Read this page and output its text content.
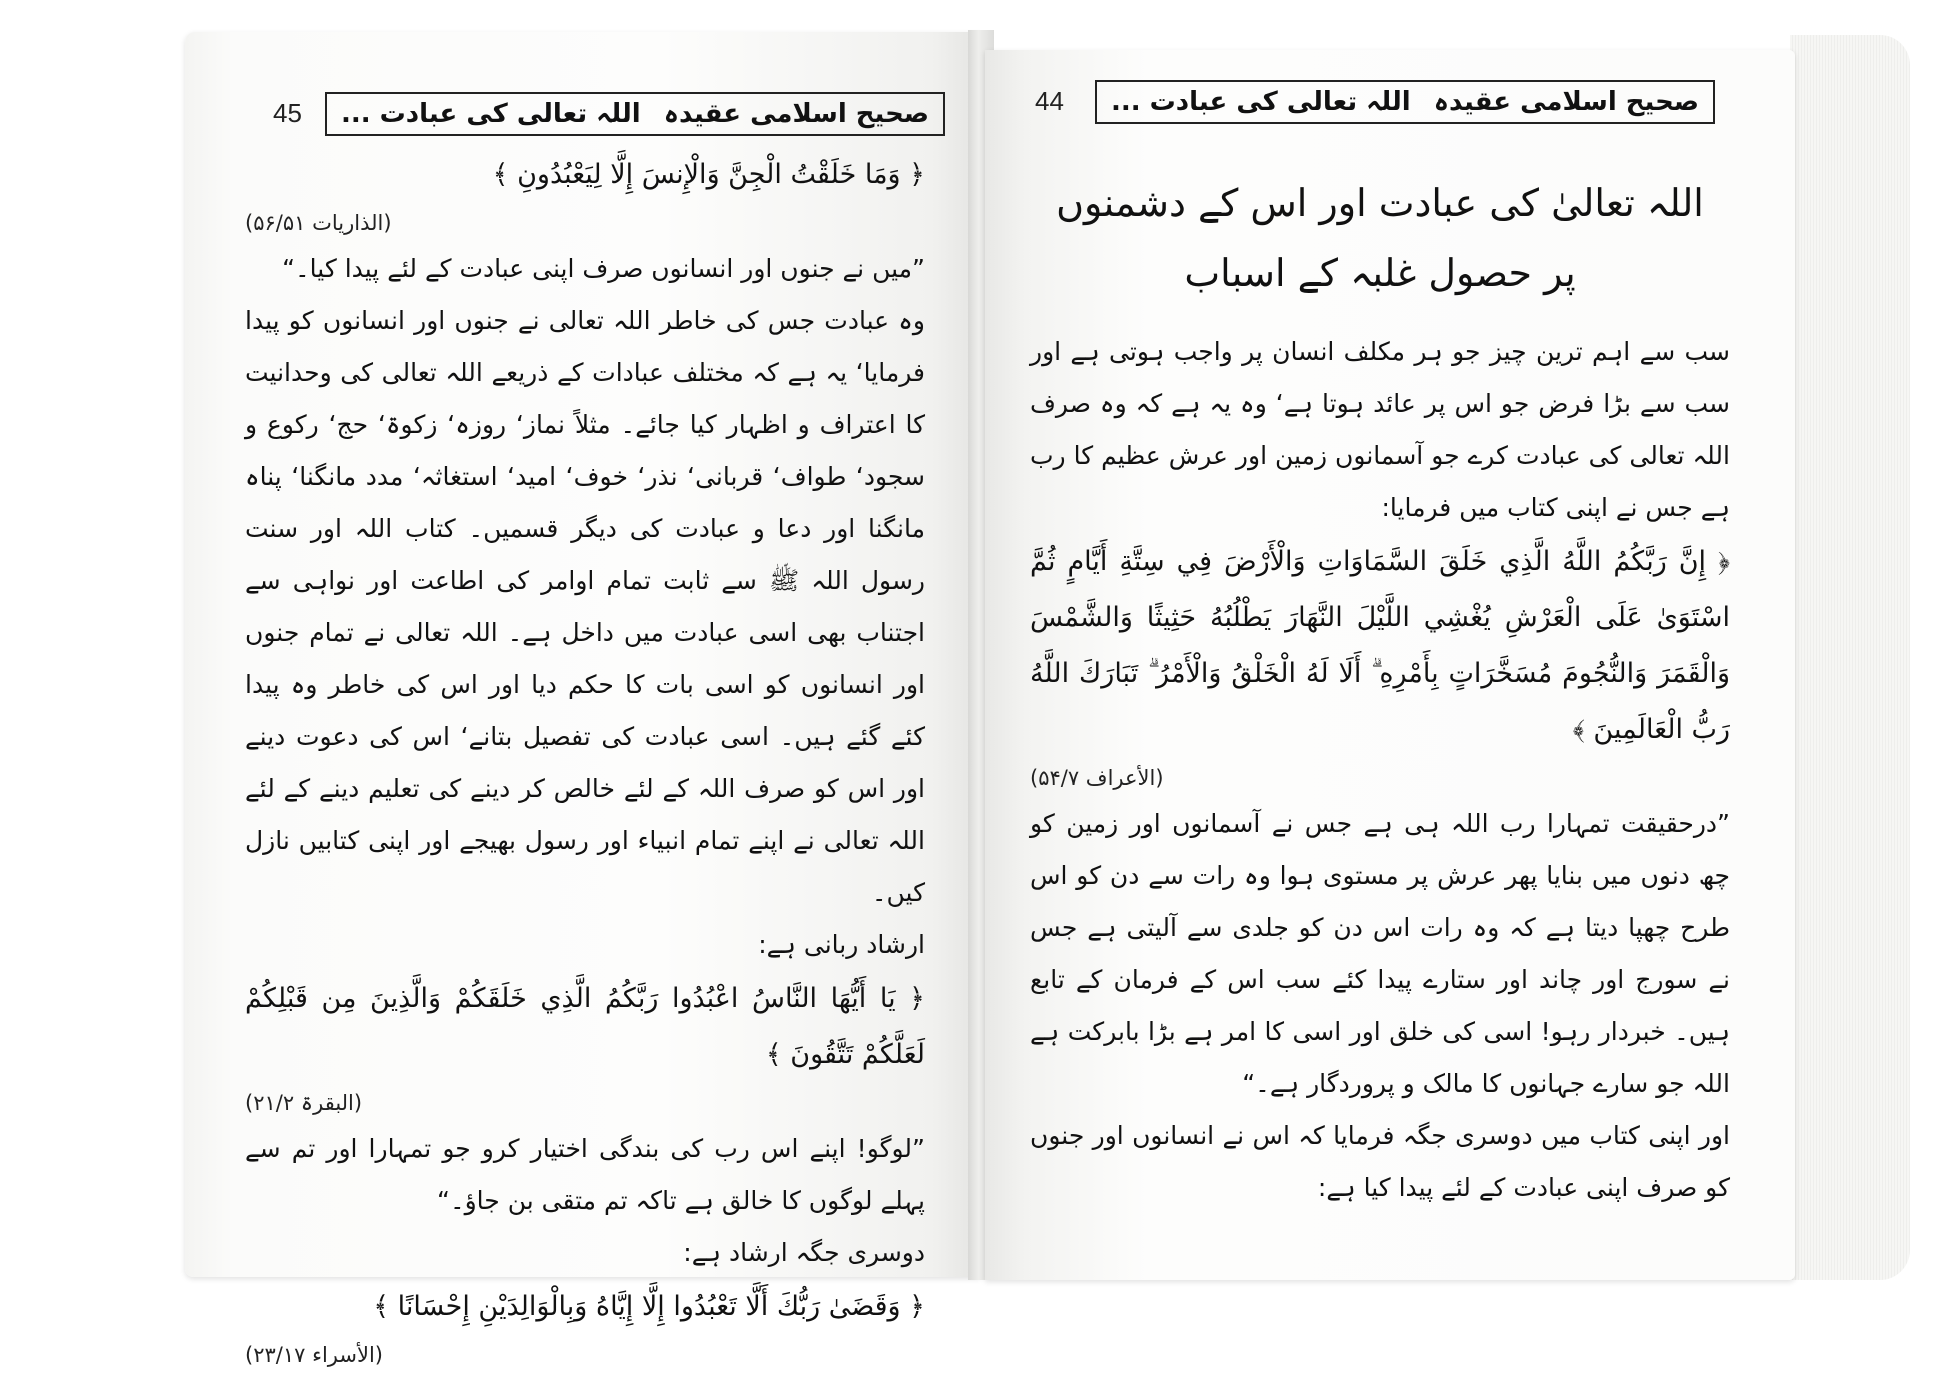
45	صحیح اسلامی عقیدہ
اللہ تعالی کی عبادت ...

﴿ وَمَا خَلَقْتُ الْجِنَّ وَالْإِنسَ إِلَّا لِيَعْبُدُونِ ﴾

(الذاریات ۵۶/۵۱)

”میں نے جنوں اور انسانوں صرف اپنی عبادت کے لئے پیدا کیا۔“

وہ عبادت جس کی خاطر اللہ تعالی نے جنوں اور انسانوں کو پیدا فرمایا‘ یہ ہے کہ مختلف عبادات کے ذریعے اللہ تعالی کی وحدانیت کا اعتراف و اظہار کیا جائے۔ مثلاً نماز‘ روزہ‘ زکوۃ‘ حج‘ رکوع و سجود‘ طواف‘ قربانی‘ نذر‘ خوف‘ امید‘ استغاثہ‘ مدد مانگنا‘ پناہ مانگنا اور دعا و عبادت کی دیگر قسمیں۔ کتاب اللہ اور سنت رسول اللہ ﷺ سے ثابت تمام اوامر کی اطاعت اور نواہی سے اجتناب بھی اسی عبادت میں داخل ہے۔ اللہ تعالی نے تمام جنوں اور انسانوں کو اسی بات کا حکم دیا اور اس کی خاطر وہ پیدا کئے گئے ہیں۔ اسی عبادت کی تفصیل بتانے‘ اس کی دعوت دینے اور اس کو صرف اللہ کے لئے خالص کر دینے کی تعلیم دینے کے لئے اللہ تعالی نے اپنے تمام انبیاء اور رسول بھیجے اور اپنی کتابیں نازل کیں۔

ارشاد ربانی ہے:

﴿ يَا أَيُّهَا النَّاسُ اعْبُدُوا رَبَّكُمُ الَّذِي خَلَقَكُمْ وَالَّذِينَ مِن قَبْلِكُمْ لَعَلَّكُمْ تَتَّقُونَ ﴾

(البقرۃ ۲۱/۲)

”لوگو! اپنے اس رب کی بندگی اختیار کرو جو تمہارا اور تم سے پہلے لوگوں کا خالق ہے تاکہ تم متقی بن جاؤ۔“

دوسری جگہ ارشاد ہے:

﴿ وَقَضَىٰ رَبُّكَ أَلَّا تَعْبُدُوا إِلَّا إِيَّاهُ وَبِالْوَالِدَيْنِ إِحْسَانًا ﴾

(الأسراء ۲۳/۱۷)
44	صحیح اسلامی عقیدہ
اللہ تعالی کی عبادت ...
اللہ تعالیٰ کی عبادت اور اس کے دشمنوں
پر حصول غلبہ کے اسباب

سب سے اہم ترین چیز جو ہر مکلف انسان پر واجب ہوتی ہے اور سب سے بڑا فرض جو اس پر عائد ہوتا ہے‘ وہ یہ ہے کہ وہ صرف اللہ تعالی کی عبادت کرے جو آسمانوں زمین اور عرش عظیم کا رب ہے جس نے اپنی کتاب میں فرمایا:

﴿ إِنَّ رَبَّكُمُ اللَّهُ الَّذِي خَلَقَ السَّمَاوَاتِ وَالْأَرْضَ فِي سِتَّةِ أَيَّامٍ ثُمَّ اسْتَوَىٰ عَلَى الْعَرْشِ يُغْشِي اللَّيْلَ النَّهَارَ يَطْلُبُهُ حَثِيثًا وَالشَّمْسَ وَالْقَمَرَ وَالنُّجُومَ مُسَخَّرَاتٍ بِأَمْرِهِ ۗ أَلَا لَهُ الْخَلْقُ وَالْأَمْرُ ۗ تَبَارَكَ اللَّهُ رَبُّ الْعَالَمِينَ ﴾

(الأعراف ۵۴/۷)

”درحقیقت تمہارا رب اللہ ہی ہے جس نے آسمانوں اور زمین کو چھ دنوں میں بنایا پھر عرش پر مستوی ہوا وہ رات سے دن کو اس طرح چھپا دیتا ہے کہ وہ رات اس دن کو جلدی سے آلیتی ہے جس نے سورج اور چاند اور ستارے پیدا کئے سب اس کے فرمان کے تابع ہیں۔ خبردار رہو! اسی کی خلق اور اسی کا امر ہے بڑا بابرکت ہے اللہ جو سارے جہانوں کا مالک و پروردگار ہے۔“

اور اپنی کتاب میں دوسری جگہ فرمایا کہ اس نے انسانوں اور جنوں کو صرف اپنی عبادت کے لئے پیدا کیا ہے:
